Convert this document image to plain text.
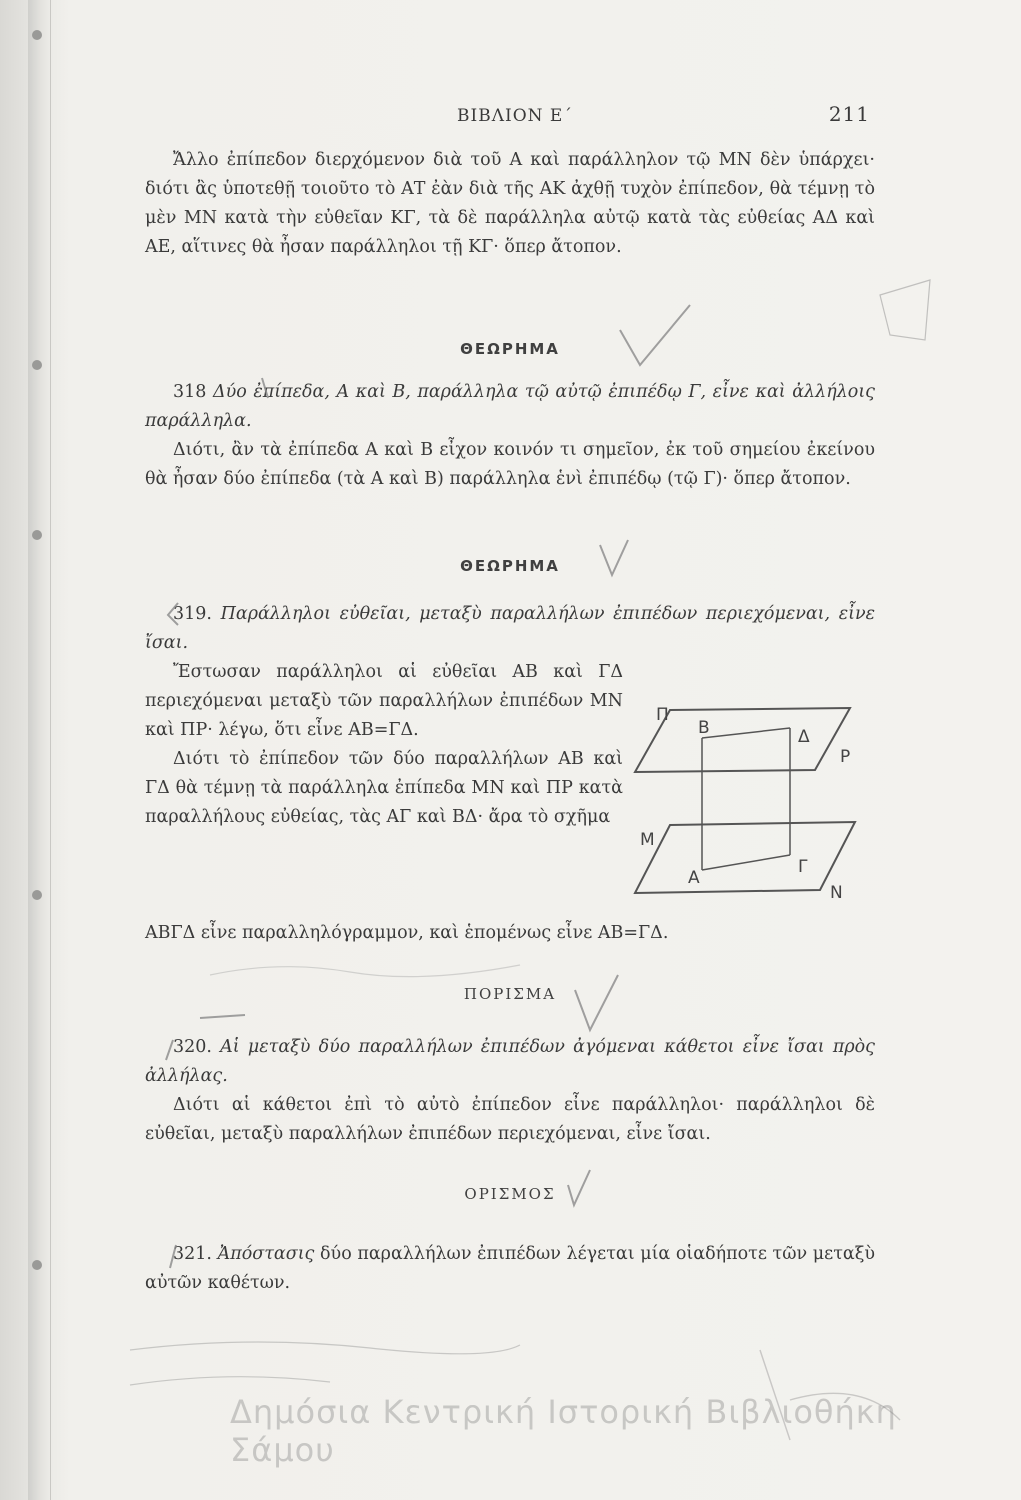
ΒΙΒΛΙΟΝ Ε΄	211

Ἄλλο ἐπίπεδον διερχόμενον διὰ τοῦ Α καὶ παράλληλον τῷ ΜΝ δὲν ὑπάρχει· διότι ἂς ὑποτεθῇ τοιοῦτο τὸ ΑΤ ἐὰν διὰ τῆς ΑΚ ἀχθῇ τυχὸν ἐπίπεδον, θὰ τέμνῃ τὸ μὲν ΜΝ κατὰ τὴν εὐθεῖαν ΚΓ, τὰ δὲ παράλληλα αὐτῷ κατὰ τὰς εὐθείας ΑΔ καὶ ΑΕ, αἵτινες θὰ ἦσαν παράλληλοι τῇ ΚΓ· ὅπερ ἄτοπον.

ΘΕΩΡΗΜΑ

318 Δύο ἐπίπεδα, Α καὶ Β, παράλληλα τῷ αὐτῷ ἐπιπέδῳ Γ, εἶνε καὶ ἀλλήλοις παράλληλα.

Διότι, ἂν τὰ ἐπίπεδα Α καὶ Β εἶχον κοινόν τι σημεῖον, ἐκ τοῦ σημείου ἐκείνου θὰ ἦσαν δύο ἐπίπεδα (τὰ Α καὶ Β) παράλληλα ἑνὶ ἐπιπέδῳ (τῷ Γ)· ὅπερ ἄτοπον.

ΘΕΩΡΗΜΑ

319. Παράλληλοι εὐθεῖαι, μεταξὺ παραλλήλων ἐπιπέδων περιεχόμεναι, εἶνε ἴσαι.

Ἔστωσαν παράλληλοι αἱ εὐθεῖαι ΑΒ καὶ ΓΔ περιεχόμεναι μεταξὺ τῶν παραλλήλων ἐπιπέδων ΜΝ καὶ ΠΡ· λέγω, ὅτι εἶνε ΑΒ=ΓΔ.

Διότι τὸ ἐπίπεδον τῶν δύο παραλλήλων ΑΒ καὶ ΓΔ θὰ τέμνῃ τὰ παράλληλα ἐπίπεδα ΜΝ καὶ ΠΡ κατὰ παραλλήλους εὐθείας, τὰς ΑΓ καὶ ΒΔ· ἄρα τὸ σχῆμα

ΑΒΓΔ εἶνε παραλληλόγραμμον, καὶ ἑπομένως εἶνε ΑΒ=ΓΔ.

Π
Β	Δ
Ρ
Μ
Α
Γ
Ν
ΠΟΡΙΣΜΑ

320. Αἱ μεταξὺ δύο παραλλήλων ἐπιπέδων ἀγόμεναι κάθετοι εἶνε ἴσαι πρὸς ἀλλήλας.

Διότι αἱ κάθετοι ἐπὶ τὸ αὐτὸ ἐπίπεδον εἶνε παράλληλοι· παράλληλοι δὲ εὐθεῖαι, μεταξὺ παραλλήλων ἐπιπέδων περιεχόμεναι, εἶνε ἴσαι.

ΟΡΙΣΜΟΣ

321. Ἀπόστασις δύο παραλλήλων ἐπιπέδων λέγεται μία οἱαδήποτε τῶν μεταξὺ αὐτῶν καθέτων.

Δημόσια Κεντρική Ιστορική Βιβλιοθήκη Σάμου
